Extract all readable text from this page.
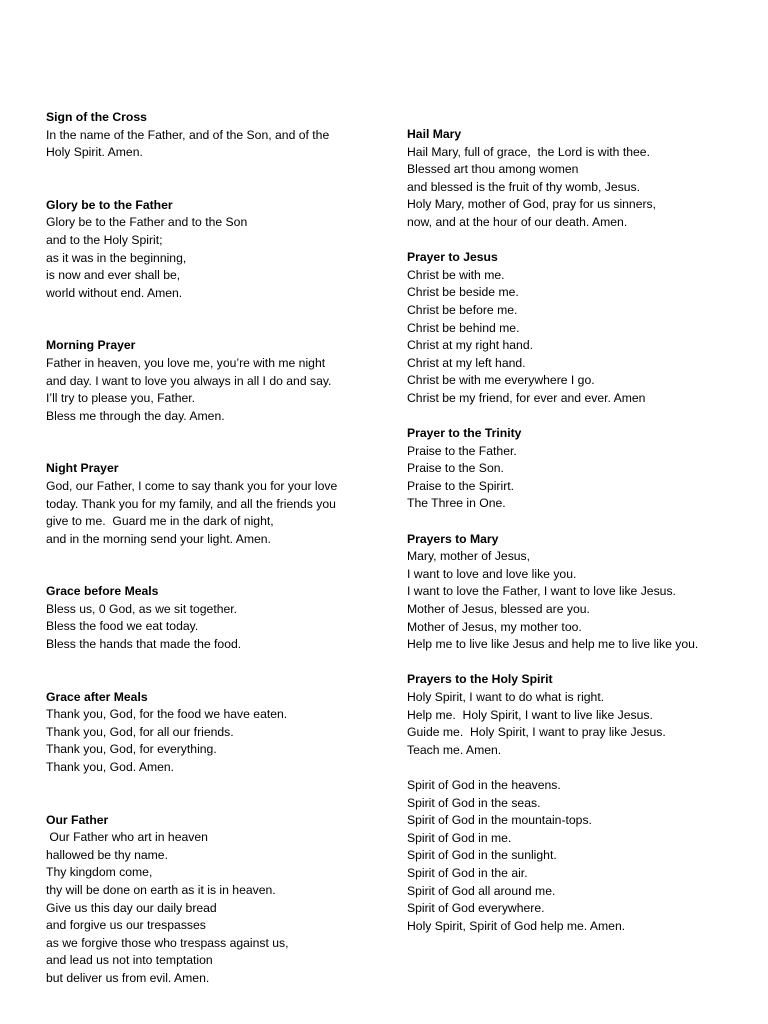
Sign of the Cross
In the name of the Father, and of the Son, and of the
Holy Spirit. Amen.
Glory be to the Father
Glory be to the Father and to the Son
and to the Holy Spirit;
as it was in the beginning,
is now and ever shall be,
world without end. Amen.
Morning Prayer
Father in heaven, you love me, you’re with me night
and day. I want to love you always in all I do and say.
I’ll try to please you, Father.
Bless me through the day. Amen.
Night Prayer
God, our Father, I come to say thank you for your love
today. Thank you for my family, and all the friends you
give to me.  Guard me in the dark of night,
and in the morning send your light. Amen.
Grace before Meals
Bless us, 0 God, as we sit together.
Bless the food we eat today.
Bless the hands that made the food.
Grace after Meals
Thank you, God, for the food we have eaten.
Thank you, God, for all our friends.
Thank you, God, for everything.
Thank you, God. Amen.
Our Father
Our Father who art in heaven
hallowed be thy name.
Thy kingdom come,
thy will be done on earth as it is in heaven.
Give us this day our daily bread
and forgive us our trespasses
as we forgive those who trespass against us,
and lead us not into temptation
but deliver us from evil. Amen.
Hail Mary
Hail Mary, full of grace,  the Lord is with thee.
Blessed art thou among women
and blessed is the fruit of thy womb, Jesus.
Holy Mary, mother of God, pray for us sinners,
now, and at the hour of our death. Amen.
Prayer to Jesus
Christ be with me.
Christ be beside me.
Christ be before me.
Christ be behind me.
Christ at my right hand.
Christ at my left hand.
Christ be with me everywhere I go.
Christ be my friend, for ever and ever. Amen
Prayer to the Trinity
Praise to the Father.
Praise to the Son.
Praise to the Spirirt.
The Three in One.
Prayers to Mary
Mary, mother of Jesus,
I want to love and love like you.
I want to love the Father, I want to love like Jesus.
Mother of Jesus, blessed are you.
Mother of Jesus, my mother too.
Help me to live like Jesus and help me to live like you.
Prayers to the Holy Spirit
Holy Spirit, I want to do what is right.
Help me.  Holy Spirit, I want to live like Jesus.
Guide me.  Holy Spirit, I want to pray like Jesus.
Teach me. Amen.
Spirit of God in the heavens.
Spirit of God in the seas.
Spirit of God in the mountain-tops.
Spirit of God in me.
Spirit of God in the sunlight.
Spirit of God in the air.
Spirit of God all around me.
Spirit of God everywhere.
Holy Spirit, Spirit of God help me. Amen.
